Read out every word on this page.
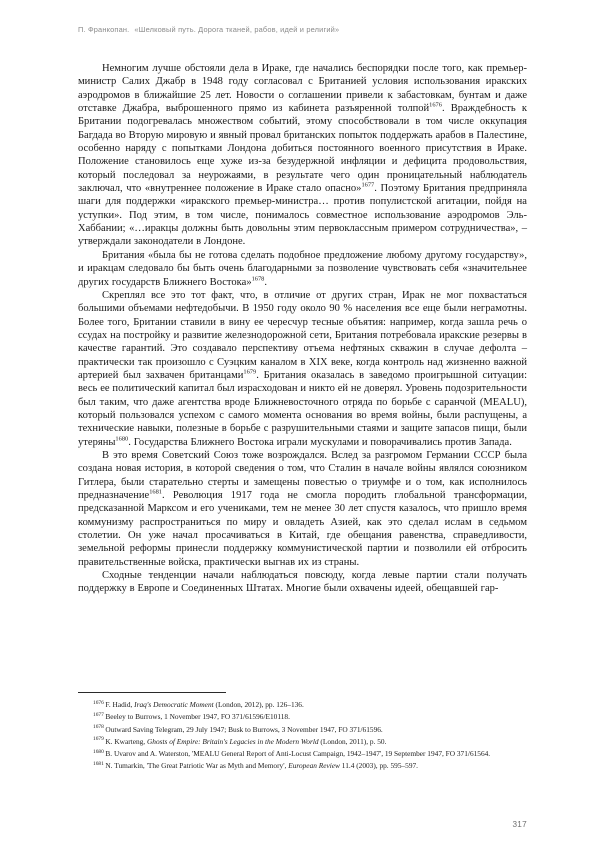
П. Франкопан. «Шелковый путь. Дорога тканей, рабов, идей и религий»

Немногим лучше обстояли дела в Ираке, где начались беспорядки после того, как премьер-министр Салих Джабр в 1948 году согласовал с Британией условия использования иракских аэродромов в ближайшие 25 лет. Новости о соглашении привели к забастовкам, бунтам и даже отставке Джабра, выброшенного прямо из кабинета разъяренной толпой$^{1676}$. Враждебность к Британии подогревалась множеством событий, этому способствовали в том числе оккупация Багдада во Вторую мировую и явный провал британских попыток поддержать арабов в Палестине, особенно наряду с попытками Лондона добиться постоянного военного присутствия в Ираке. Положение становилось еще хуже из-за безудержной инфляции и дефицита продовольствия, который последовал за неурожаями, в результате чего один проницательный наблюдатель заключал, что «внутреннее положение в Ираке стало опасно»$^{1677}$. Поэтому Британия предприняла шаги для поддержки «иракского премьер-министра… против популистской агитации, пойдя на уступки». Под этим, в том числе, понималось совместное использование аэродромов Эль-Хаббании; «…иракцы должны быть довольны этим первоклассным примером сотрудничества», – утверждали законодатели в Лондоне.

Британия «была бы не готова сделать подобное предложение любому другому государству», и иракцам следовало бы быть очень благодарными за позволение чувствовать себя «значительнее других государств Ближнего Востока»$^{1678}$.

Скреплял все это тот факт, что, в отличие от других стран, Ирак не мог похвастаться большими объемами нефтедобычи. В 1950 году около 90 % населения все еще были неграмотны. Более того, Британии ставили в вину ее чересчур тесные объятия: например, когда зашла речь о ссудах на постройку и развитие железнодорожной сети, Британия потребовала иракские резервы в качестве гарантий. Это создавало перспективу отъема нефтяных скважин в случае дефолта – практически так произошло с Суэцким каналом в XIX веке, когда контроль над жизненно важной артерией был захвачен британцами$^{1679}$. Британия оказалась в заведомо проигрышной ситуации: весь ее политический капитал был израсходован и никто ей не доверял. Уровень подозрительности был таким, что даже агентства вроде Ближневосточного отряда по борьбе с саранчой (MEALU), который пользовался успехом с самого момента основания во время войны, были распущены, а технические навыки, полезные в борьбе с разрушительными стаями и защите запасов пищи, были утеряны$^{1680}$. Государства Ближнего Востока играли мускулами и поворачивались против Запада.

В это время Советский Союз тоже возрождался. Вслед за разгромом Германии СССР была создана новая история, в которой сведения о том, что Сталин в начале войны являлся союзником Гитлера, были старательно стерты и замещены повестью о триумфе и о том, как исполнилось предназначение$^{1681}$. Революция 1917 года не смогла породить глобальной трансформации, предсказанной Марксом и его учениками, тем не менее 30 лет спустя казалось, что пришло время коммунизму распространиться по миру и овладеть Азией, как это сделал ислам в седьмом столетии. Он уже начал просачиваться в Китай, где обещания равенства, справедливости, земельной реформы принесли поддержку коммунистической партии и позволили ей отбросить правительственные войска, практически выгнав их из страны.

Сходные тенденции начали наблюдаться повсюду, когда левые партии стали получать поддержку в Европе и Соединенных Штатах. Многие были охвачены идеей, обещавшей гар-

$^{1676}$ F. Hadid, Iraq's Democratic Moment (London, 2012), pp. 126–136.

$^{1677}$ Beeley to Burrows, 1 November 1947, FO 371/61596/E10118.

$^{1678}$ Outward Saving Telegram, 29 July 1947; Busk to Burrows, 3 November 1947, FO 371/61596.

$^{1679}$ K. Kwarteng, Ghosts of Empire: Britain's Legacies in the Modern World (London, 2011), p. 50.

$^{1680}$ B. Uvarov and A. Waterston, 'MEALU General Report of Anti-Locust Campaign, 1942–1947', 19 September 1947, FO 371/61564.

$^{1681}$ N. Tumarkin, 'The Great Patriotic War as Myth and Memory', European Review 11.4 (2003), pp. 595–597.

317
